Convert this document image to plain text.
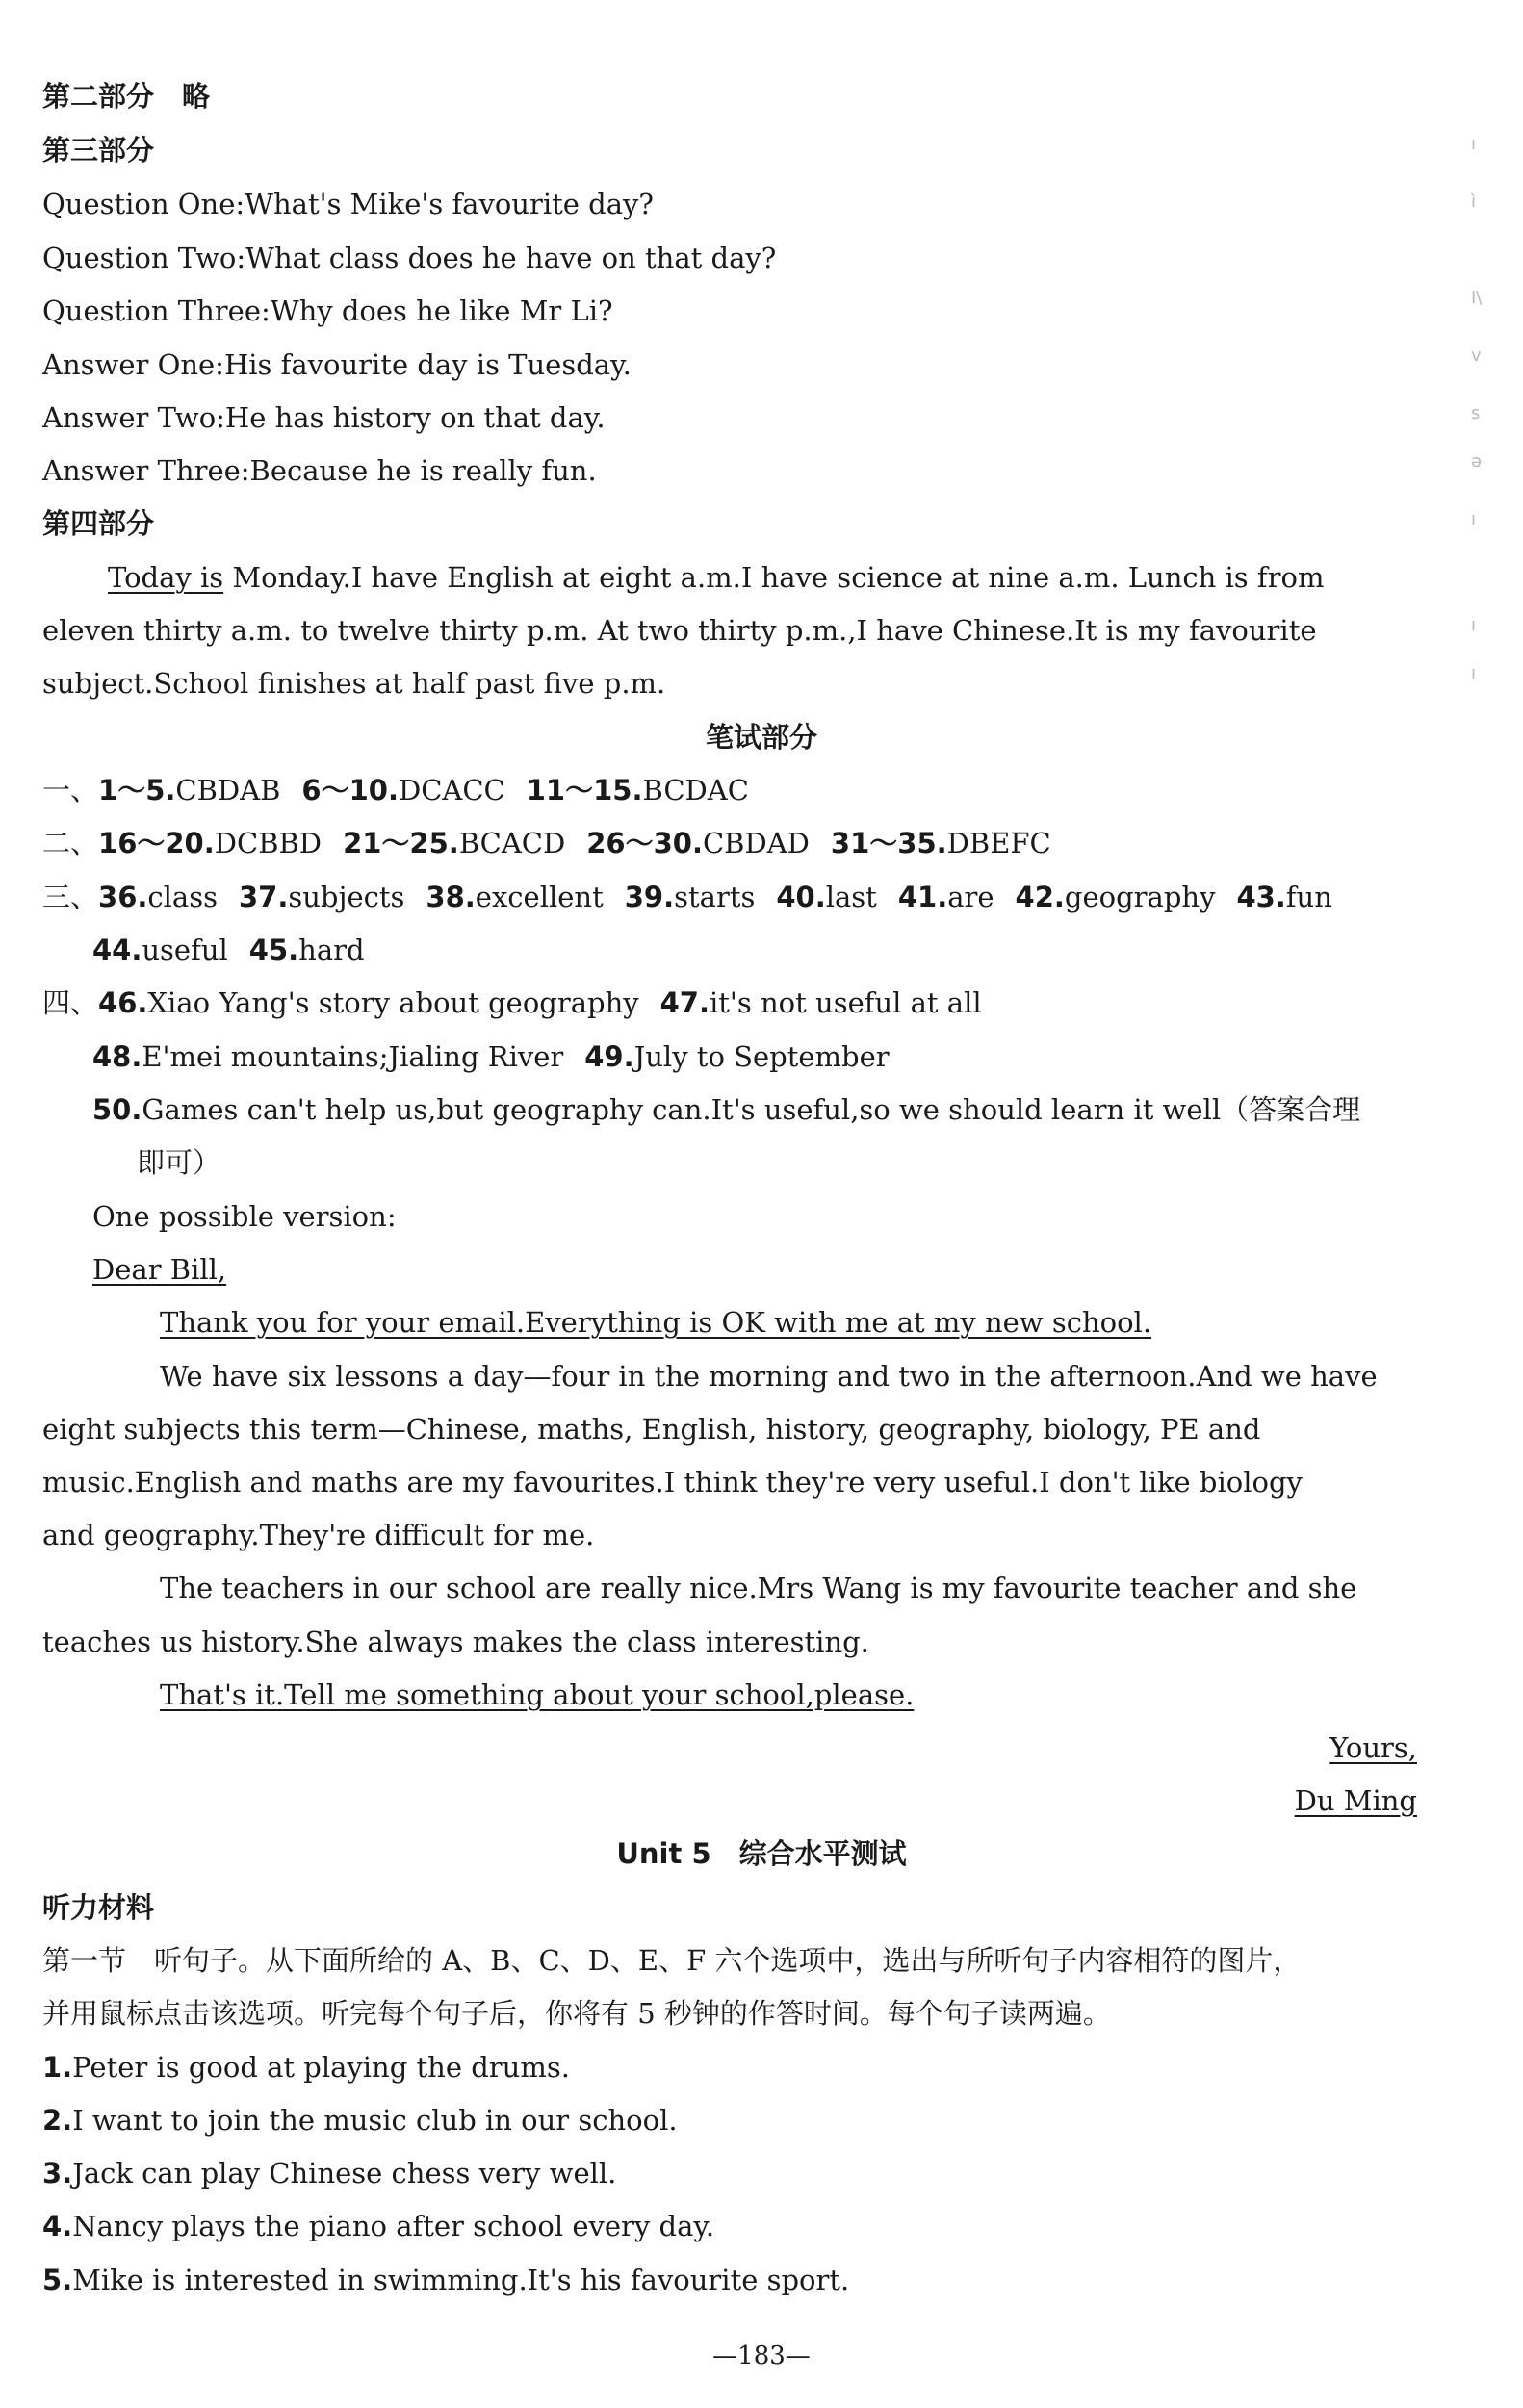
第二部分　略
第三部分
Question One:What's Mike's favourite day?
Question Two:What class does he have on that day?
Question Three:Why does he like Mr Li?
Answer One:His favourite day is Tuesday.
Answer Two:He has history on that day.
Answer Three:Because he is really fun.
第四部分
Today is Monday.I have English at eight a.m.I have science at nine a.m. Lunch is from
eleven thirty a.m. to twelve thirty p.m. At two thirty p.m.,I have Chinese.It is my favourite
subject.School finishes at half past five p.m.
笔试部分
一、1～5.CBDAB 6～10.DCACC 11～15.BCDAC
二、16～20.DCBBD 21～25.BCACD 26～30.CBDAD 31～35.DBEFC
三、36.class 37.subjects 38.excellent 39.starts 40.last 41.are 42.geography 43.fun
44.useful 45.hard
四、46.Xiao Yang's story about geography 47.it's not useful at all
48.E'mei mountains;Jialing River 49.July to September
50.Games can't help us,but geography can.It's useful,so we should learn it well（答案合理
即可）
One possible version:
Dear Bill,
Thank you for your email.Everything is OK with me at my new school.
We have six lessons a day—four in the morning and two in the afternoon.And we have
eight subjects this term—Chinese, maths, English, history, geography, biology, PE and
music.English and maths are my favourites.I think they're very useful.I don't like biology
and geography.They're difficult for me.
The teachers in our school are really nice.Mrs Wang is my favourite teacher and she
teaches us history.She always makes the class interesting.
That's it.Tell me something about your school,please.
Yours,
Du Ming
Unit 5　综合水平测试
听力材料
第一节　听句子。从下面所给的 A、B、C、D、E、F 六个选项中，选出与所听句子内容相符的图片，
并用鼠标点击该选项。听完每个句子后，你将有 5 秒钟的作答时间。每个句子读两遍。
1.Peter is good at playing the drums.
2.I want to join the music club in our school.
3.Jack can play Chinese chess very well.
4.Nancy plays the piano after school every day.
5.Mike is interested in swimming.It's his favourite sport.
—183—
ı
ì
I\
v
s
ə
ı
ı
ı
